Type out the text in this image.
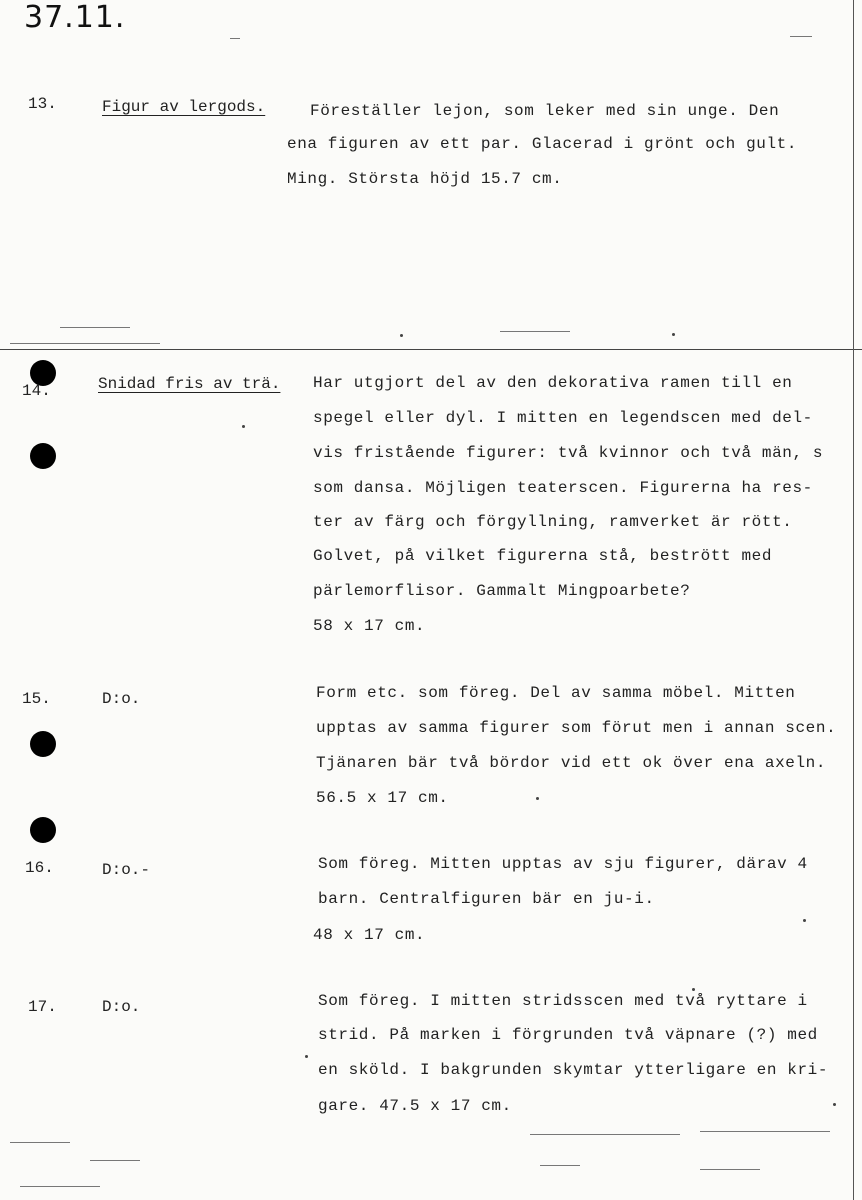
37.11.
13.	Figur av lergods.	Föreställer lejon, som leker med sin unge. Den
ena figuren av ett par. Glacerad i grönt och gult.
Ming. Största höjd 15.7 cm.
14.	Snidad fris av trä. Har utgjort del av den dekorativa ramen till en
spegel eller dyl. I mitten en legendscen med del-
vis fristående figurer: två kvinnor och två män, s
som dansa. Möjligen teaterscen. Figurerna ha res-
ter av färg och förgyllning, ramverket är rött.
Golvet, på vilket figurerna stå, bestrött med
pärlemorflisor. Gammalt Mingpoarbete?
58 x 17 cm.
15.	D:o.	Form etc. som föreg. Del av samma möbel. Mitten
upptas av samma figurer som förut men i annan scen.
Tjänaren bär två bördor vid ett ok över ena axeln.
56.5 x 17 cm.
16.	D:o.-	Som föreg. Mitten upptas av sju figurer, därav 4
barn. Centralfiguren bär en ju-i.
48 x 17 cm.
17.	D:o.	Som föreg. I mitten stridsscen med två ryttare i
strid. På marken i förgrunden två väpnare (?) med
en sköld. I bakgrunden skymtar ytterligare en kri-
gare. 47.5 x 17 cm.
